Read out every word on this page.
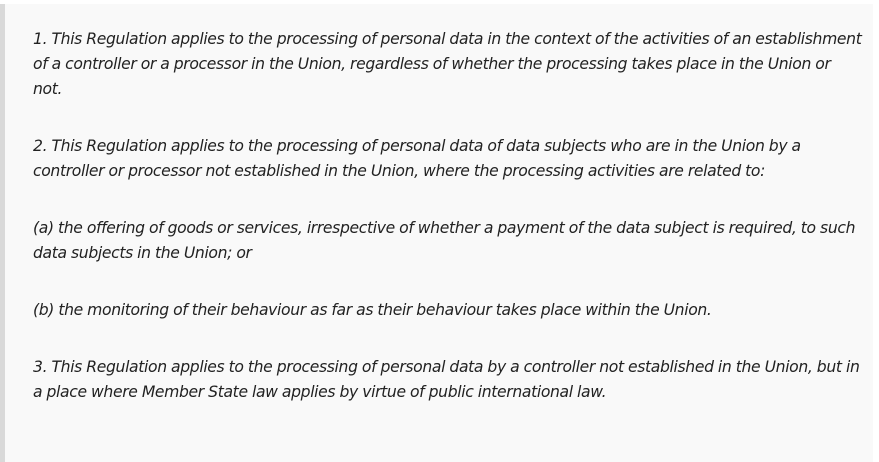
1. This Regulation applies to the processing of personal data in the context of the activities of an establishment of a controller or a processor in the Union, regardless of whether the processing takes place in the Union or not.

2. This Regulation applies to the processing of personal data of data subjects who are in the Union by a controller or processor not established in the Union, where the processing activities are related to:

(a) the offering of goods or services, irrespective of whether a payment of the data subject is required, to such data subjects in the Union; or

(b) the monitoring of their behaviour as far as their behaviour takes place within the Union.

3. This Regulation applies to the processing of personal data by a controller not established in the Union, but in a place where Member State law applies by virtue of public international law.
